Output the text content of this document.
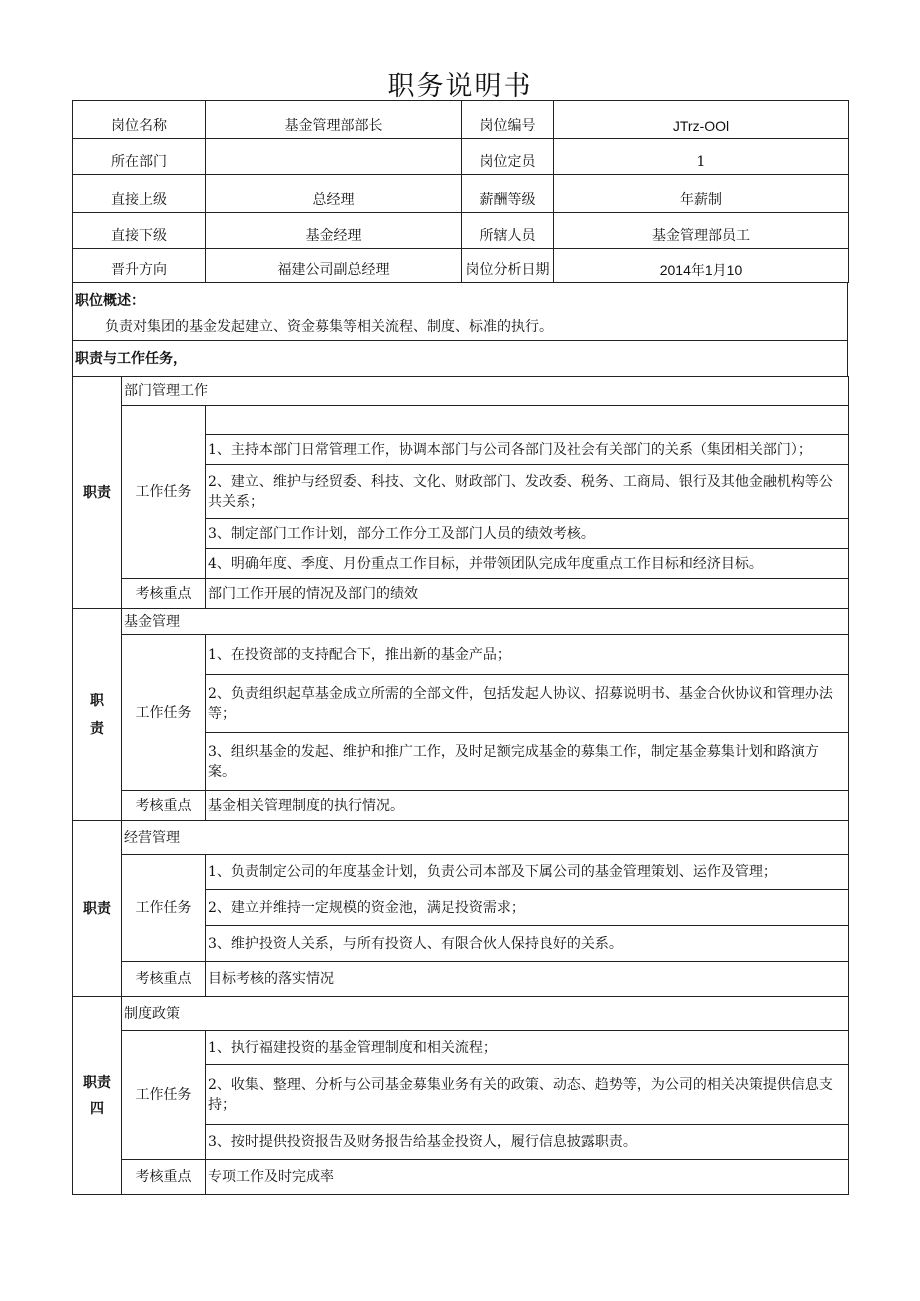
职务说明书
岗位名称	基金管理部部长	岗位编号	JTrz-OOl
所在部门		岗位定员	1
直接上级	总经理	薪酬等级	年薪制
直接下级	基金经理	所辖人员	基金管理部员工
晋升方向	福建公司副总经理	岗位分析日期	2014年1月10
职位概述：
负责对集团的基金发起建立、资金募集等相关流程、制度、标准的执行。

职责与工作任务，
职责	部门管理工作	
	工作任务	
		1、主持本部门日常管理工作，协调本部门与公司各部门及社会有关部门的关系（集团相关部门）；
		2、建立、维护与经贸委、科技、文化、财政部门、发改委、税务、工商局、银行及其他金融机构等公共关系；
		3、制定部门工作计划，部分工作分工及部门人员的绩效考核。
		4、明确年度、季度、月份重点工作目标，并带领团队完成年度重点工作目标和经济目标。
	考核重点	部门工作开展的情况及部门的绩效
职责	基金管理	
	工作任务	1、在投资部的支持配合下，推出新的基金产品；
		2、负责组织起草基金成立所需的全部文件，包括发起人协议、招募说明书、基金合伙协议和管理办法等；
		3、组织基金的发起、维护和推广工作，及时足额完成基金的募集工作，制定基金募集计划和路演方案。
	考核重点	基金相关管理制度的执行情况。
职责	经营管理	
	工作任务	1、负责制定公司的年度基金计划，负责公司本部及下属公司的基金管理策划、运作及管理；
		2、建立并维持一定规模的资金池，满足投资需求；
		3、维护投资人关系，与所有投资人、有限合伙人保持良好的关系。
	考核重点	目标考核的落实情况
职责四	制度政策	
	工作任务	1、执行福建投资的基金管理制度和相关流程；
		2、收集、整理、分析与公司基金募集业务有关的政策、动态、趋势等，为公司的相关决策提供信息支持；
		3、按时提供投资报告及财务报告给基金投资人，履行信息披露职责。
	考核重点	专项工作及时完成率
